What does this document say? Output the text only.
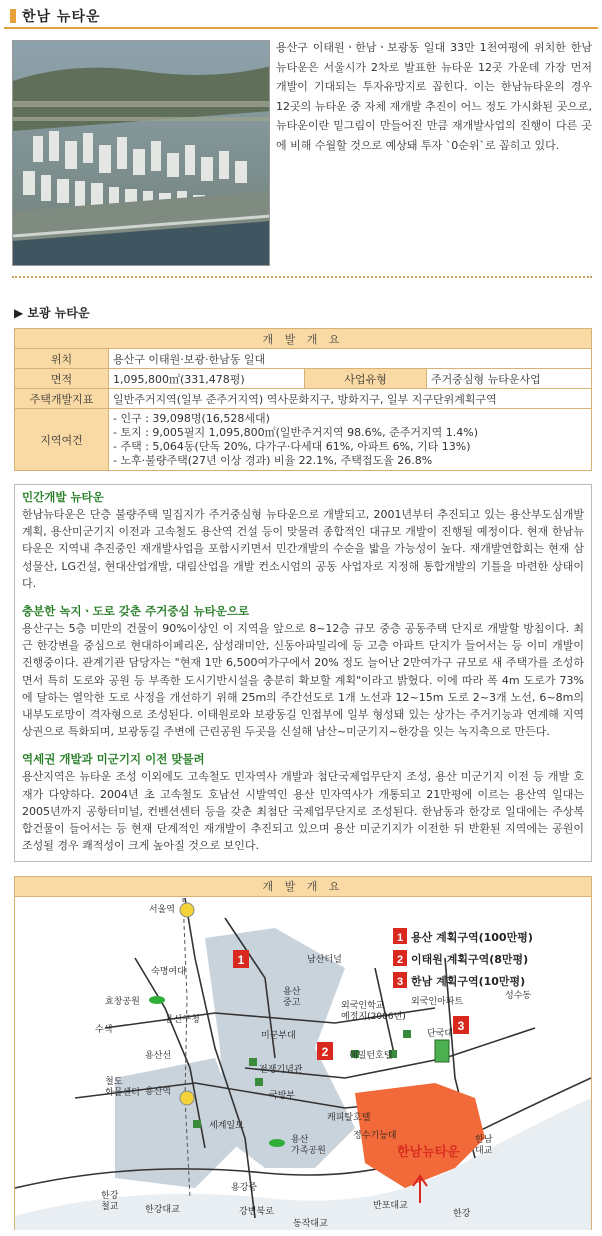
한남 뉴타운
용산구 이태원ㆍ한남ㆍ보광동 일대 33만 1천여평에 위치한 한남뉴타운은 서울시가 2차로 발표한 뉴타운 12곳 가운데 가장 먼저 개발이 기대되는 투자유망지로 꼽힌다. 이는 한남뉴타운의 경우 12곳의 뉴타운 중 자체 재개발 추진이 어느 정도 가시화된 곳으로, 뉴타운이란 밑그림이 만들어진 만큼 재개발사업의 진행이 다른 곳에 비해 수월할 것으로 예상돼 투자 `0순위`로 꼽히고 있다.
▶ 보광 뉴타운
개 발 개 요			
위치	용산구 이태원·보광·한남동 일대		
면적	1,095,800㎡(331,478평)	사업유형	주거중심형 뉴타운사업
주택개발지표	일반주거지역(일부 준주거지역) 역사문화지구, 방화지구, 일부 지구단위계획구역		
지역여건	- 인구 : 39,098명(16,528세대)
- 토지 : 9,005필지 1,095,800㎡(일반주거지역 98.6%, 준주거지역 1.4%)
- 주택 : 5,064동(단독 20%, 다가구·다세대 61%, 아파트 6%, 기타 13%)
- 노후·불량주택(27년 이상 경과) 비율 22.1%, 주택접도율 26.8%		
민간개발 뉴타운
한남뉴타운은 단층 불량주택 밀집지가 주거중심형 뉴타운으로 개발되고, 2001년부터 추진되고 있는 용산부도심개발계획, 용산미군기지 이전과 고속철도 용산역 건설 등이 맞물려 종합적인 대규모 개발이 진행될 예정이다. 현재 한남뉴타운은 지역내 추진중인 재개발사업을 포함시키면서 민간개발의 수순을 밟을 가능성이 높다. 재개발연합회는 현재 삼성물산, LG건설, 현대산업개발, 대림산업을 개발 컨소시엄의 공동 사업자로 지정해 통합개발의 기틀을 마련한 상태이다.
충분한 녹지ㆍ도로 갖춘 주거중심 뉴타운으로
용산구는 5층 미만의 건물이 90%이상인 이 지역을 앞으로 8~12층 규모 중층 공동주택 단지로 개발할 방침이다. 최근 한강변을 중심으로 현대하이페리온, 삼성래미안, 신동아파밀리에 등 고층 아파트 단지가 들어서는 등 이미 개발이 진행중이다. 관계기관 담당자는 "현재 1만 6,500여가구에서 20% 정도 늘어난 2만여가구 규모로 새 주택가를 조성하면서 특히 도로와 공원 등 부족한 도시기반시설을 충분히 확보할 계획"이라고 밝혔다. 이에 따라 폭 4m 도로가 73%에 달하는 열악한 도로 사정을 개선하기 위해 25m의 주간선도로 1개 노선과 12~15m 도로 2~3개 노선, 6~8m의 내부도로망이 격자형으로 조성된다. 이태원로와 보광동길 인접부에 일부 형성돼 있는 상가는 주거기능과 연계해 지역 상권으로 특화되며, 보광동길 주변에 근린공원 두곳을 신설해 남산~미군기지~한강을 잇는 녹지축으로 만든다.
역세권 개발과 미군기지 이전 맞물려
용산지역은 뉴타운 조성 이외에도 고속철도 민자역사 개발과 첨단국제업무단지 조성, 용산 미군기지 이전 등 개발 호재가 다양하다. 2004년 초 고속철도 호남선 시발역인 용산 민자역사가 개통되고 21만평에 이르는 용산역 일대는 2005년까지 공항터미널, 컨벤션센터 등을 갖춘 최첨단 국제업무단지로 조성된다. 한남동과 한강로 일대에는 주상복합건물이 들어서는 등 현재 단계적인 재개발이 추진되고 있으며 용산 미군기지가 이전한 뒤 반환된 지역에는 공원이 조성될 경우 쾌적성이 크게 높아질 것으로 보인다.
개 발 개 요
1
2
3
서울역
숙명여대
남산터널
용산 중고
효창공원
용산구청
수색
미군부대
외국인학교 예정지(2006년)
외국인아파트
성수동
용산선	해밀턴호텔
단국대
철도 화물센터
전쟁기념관
용산역	국방부
캐피탈호텔
정수기능대	한남 대교
세계일보
용산 가족공원
용강중
한강 철교	한강대교	강변북로
반포대교
한강
동작대교
한남뉴타운
1 용산 계획구역(100만평)
2 이태원 계획구역(8만평)
3 한남 계획구역(10만평)
